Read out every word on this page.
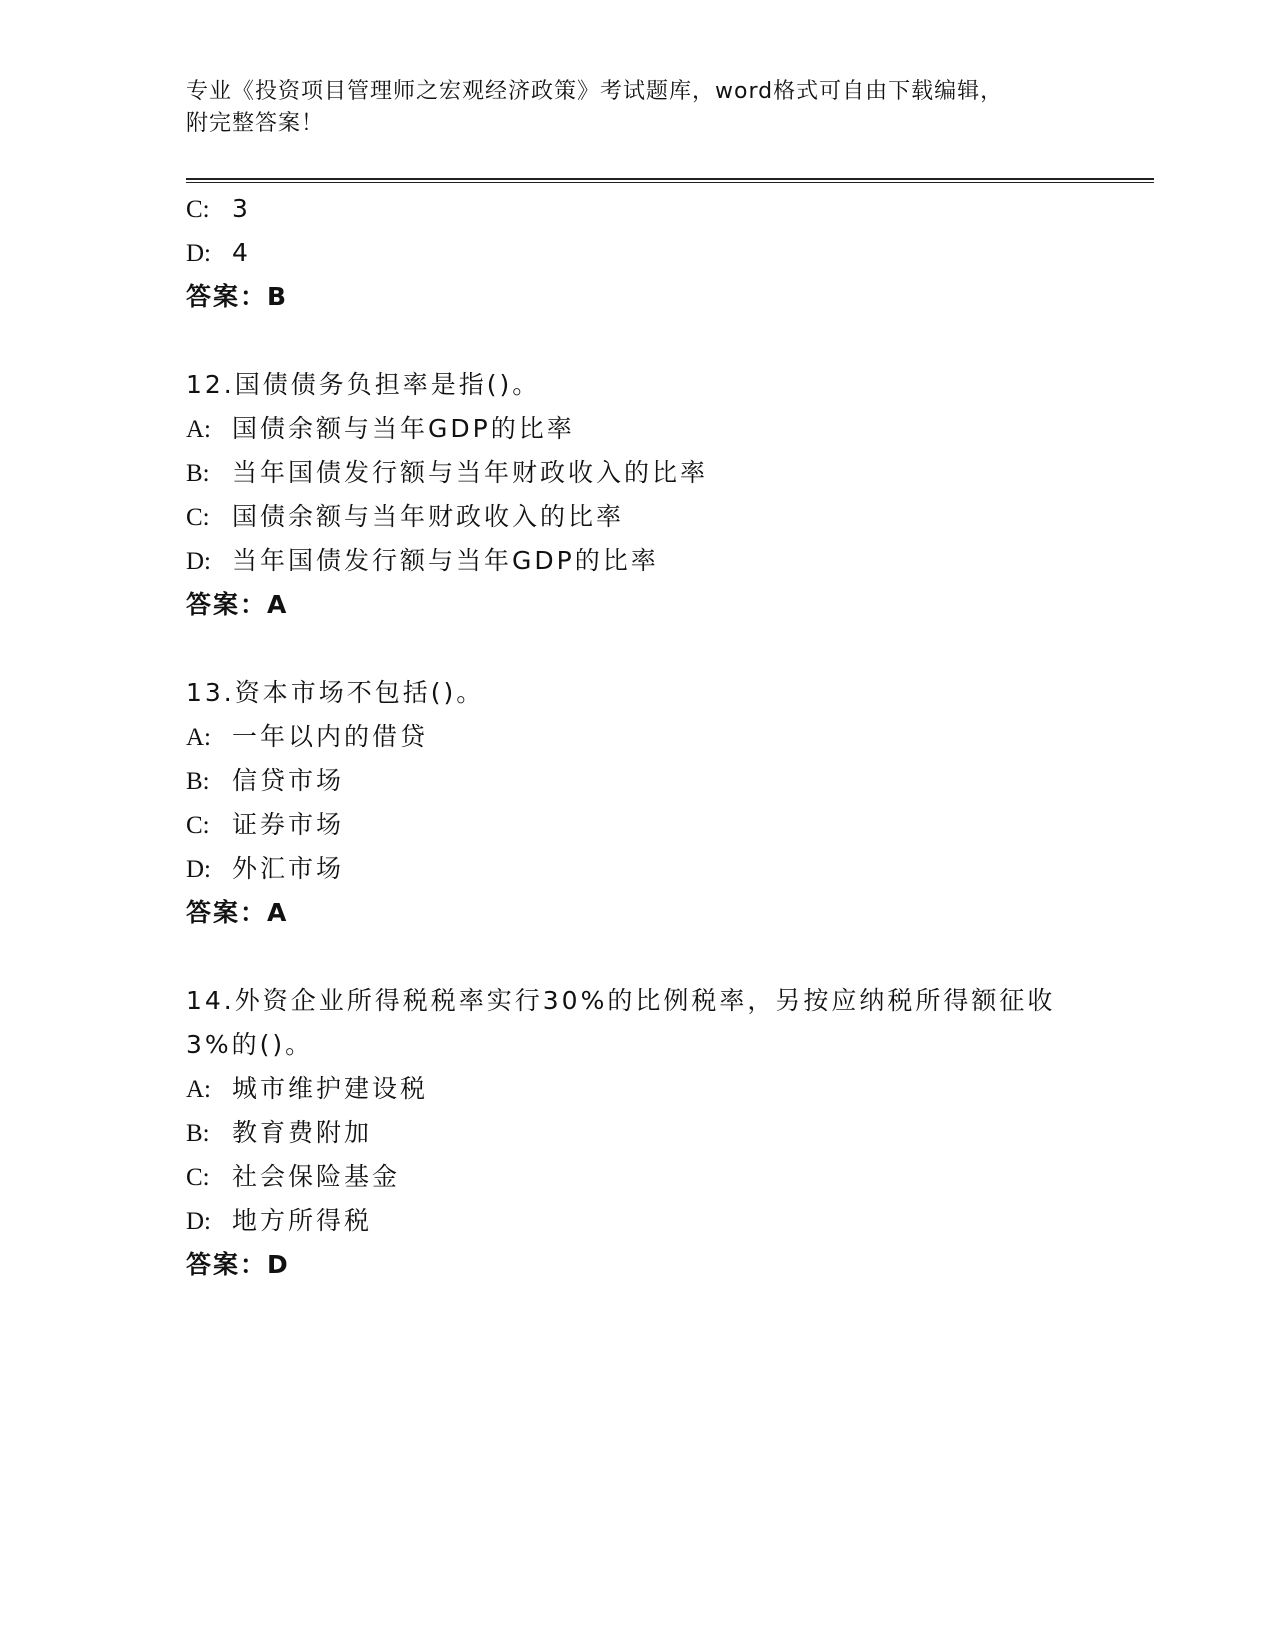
专业《投资项目管理师之宏观经济政策》考试题库，word格式可自由下载编辑，
附完整答案！
C: 3
D: 4
答案：B
12.国债债务负担率是指()。
A: 国债余额与当年GDP的比率
B: 当年国债发行额与当年财政收入的比率
C: 国债余额与当年财政收入的比率
D: 当年国债发行额与当年GDP的比率
答案：A
13.资本市场不包括()。
A: 一年以内的借贷
B: 信贷市场
C: 证券市场
D: 外汇市场
答案：A
14.外资企业所得税税率实行30%的比例税率，另按应纳税所得额征收
3%的()。
A: 城市维护建设税
B: 教育费附加
C: 社会保险基金
D: 地方所得税
答案：D
